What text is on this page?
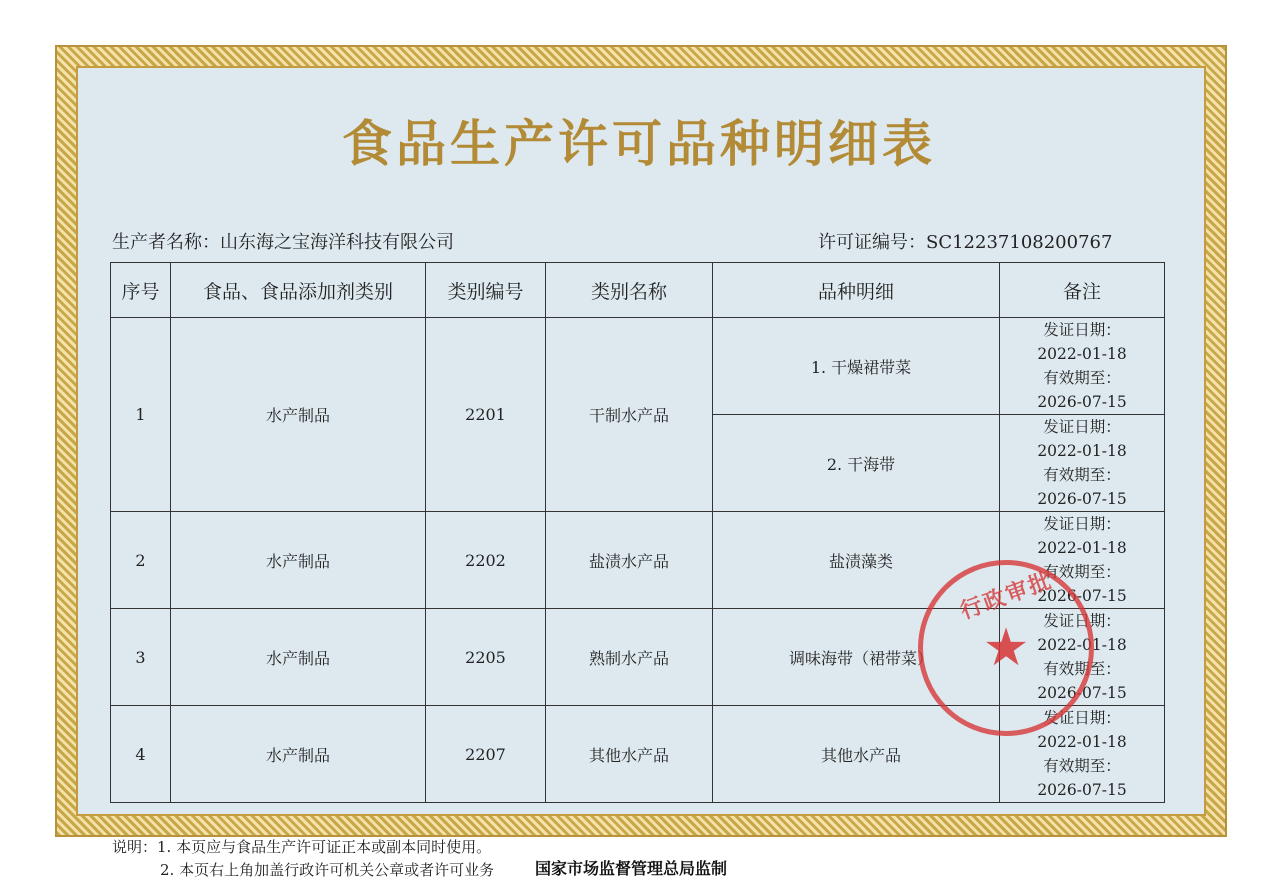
食品生产许可品种明细表
生产者名称：山东海之宝海洋科技有限公司	许可证编号：SC12237108200767
序号	食品、食品添加剂类别	类别编号	类别名称	品种明细	备注
1	水产制品	2201	干制水产品	1. 干燥裙带菜	发证日期：
2022-01-18
有效期至：
2026-07-15

				2. 干海带	发证日期：
2022-01-18
有效期至：
2026-07-15

2	水产制品	2202	盐渍水产品	盐渍藻类	发证日期：
2022-01-18
有效期至：
2026-07-15

3	水产制品	2205	熟制水产品	调味海带（裙带菜）	发证日期：
2022-01-18
有效期至：
2026-07-15

4	水产制品	2207	其他水产品	其他水产品	发证日期：
2022-01-18
有效期至：
2026-07-15
行政审批
★
说明：1. 本页应与食品生产许可证正本或副本同时使用。
2. 本页右上角加盖行政许可机关公章或者许可业务	国家市场监督管理总局监制
